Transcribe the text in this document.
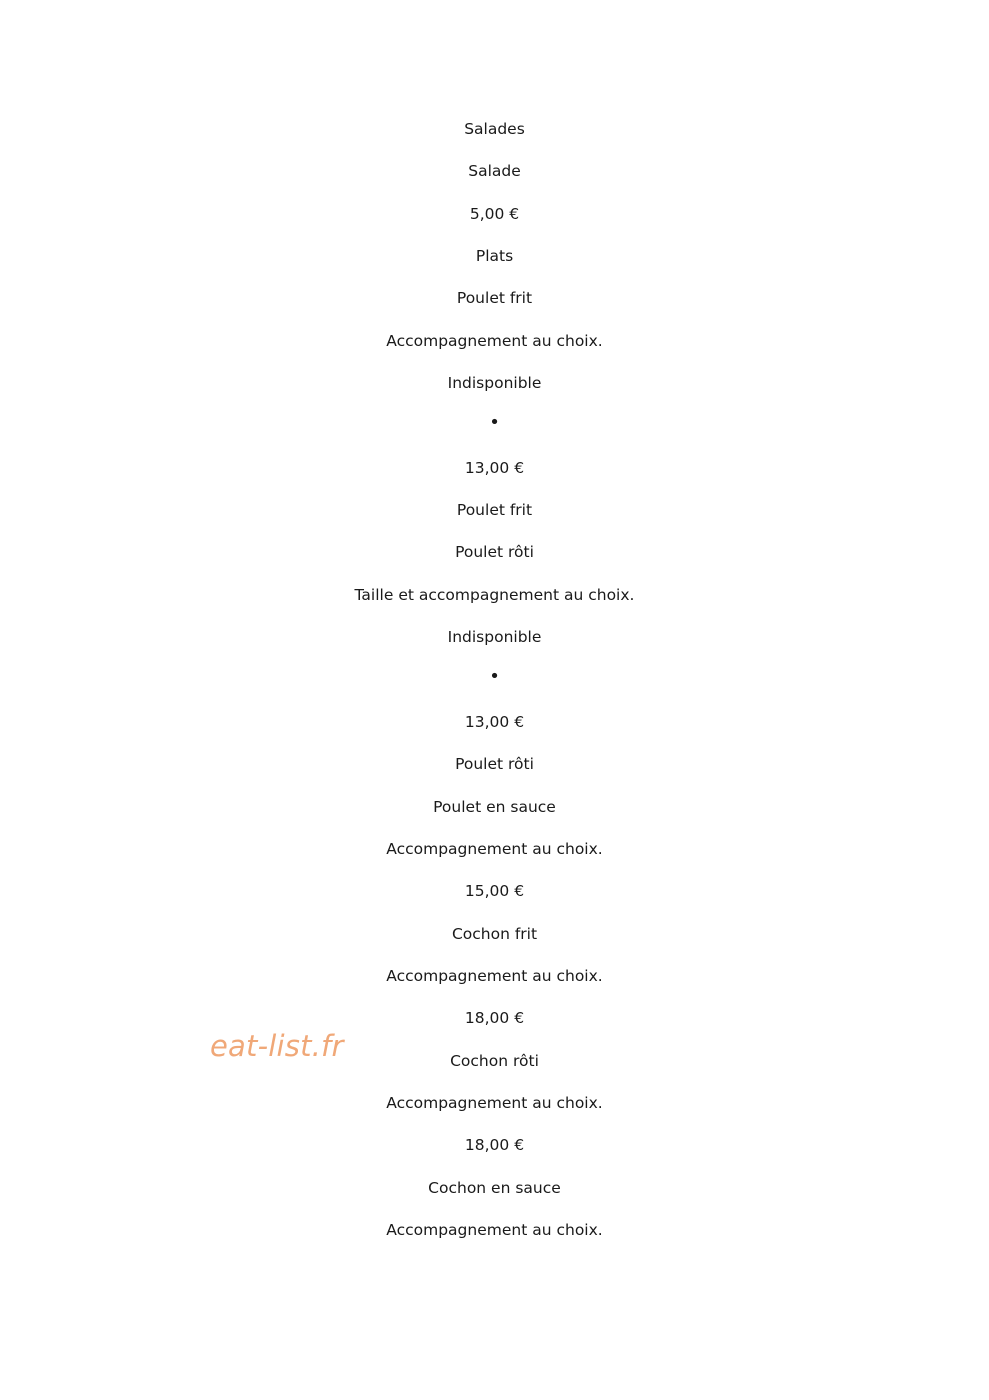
Salades
Salade
5,00 €
Plats
Poulet frit
Accompagnement au choix.
Indisponible
•
13,00 €
Poulet frit
Poulet rôti
Taille et accompagnement au choix.
Indisponible
•
13,00 €
Poulet rôti
Poulet en sauce
Accompagnement au choix.
15,00 €
Cochon frit
Accompagnement au choix.
18,00 €
Cochon rôti
Accompagnement au choix.
18,00 €
Cochon en sauce
Accompagnement au choix.
eat-list.fr
